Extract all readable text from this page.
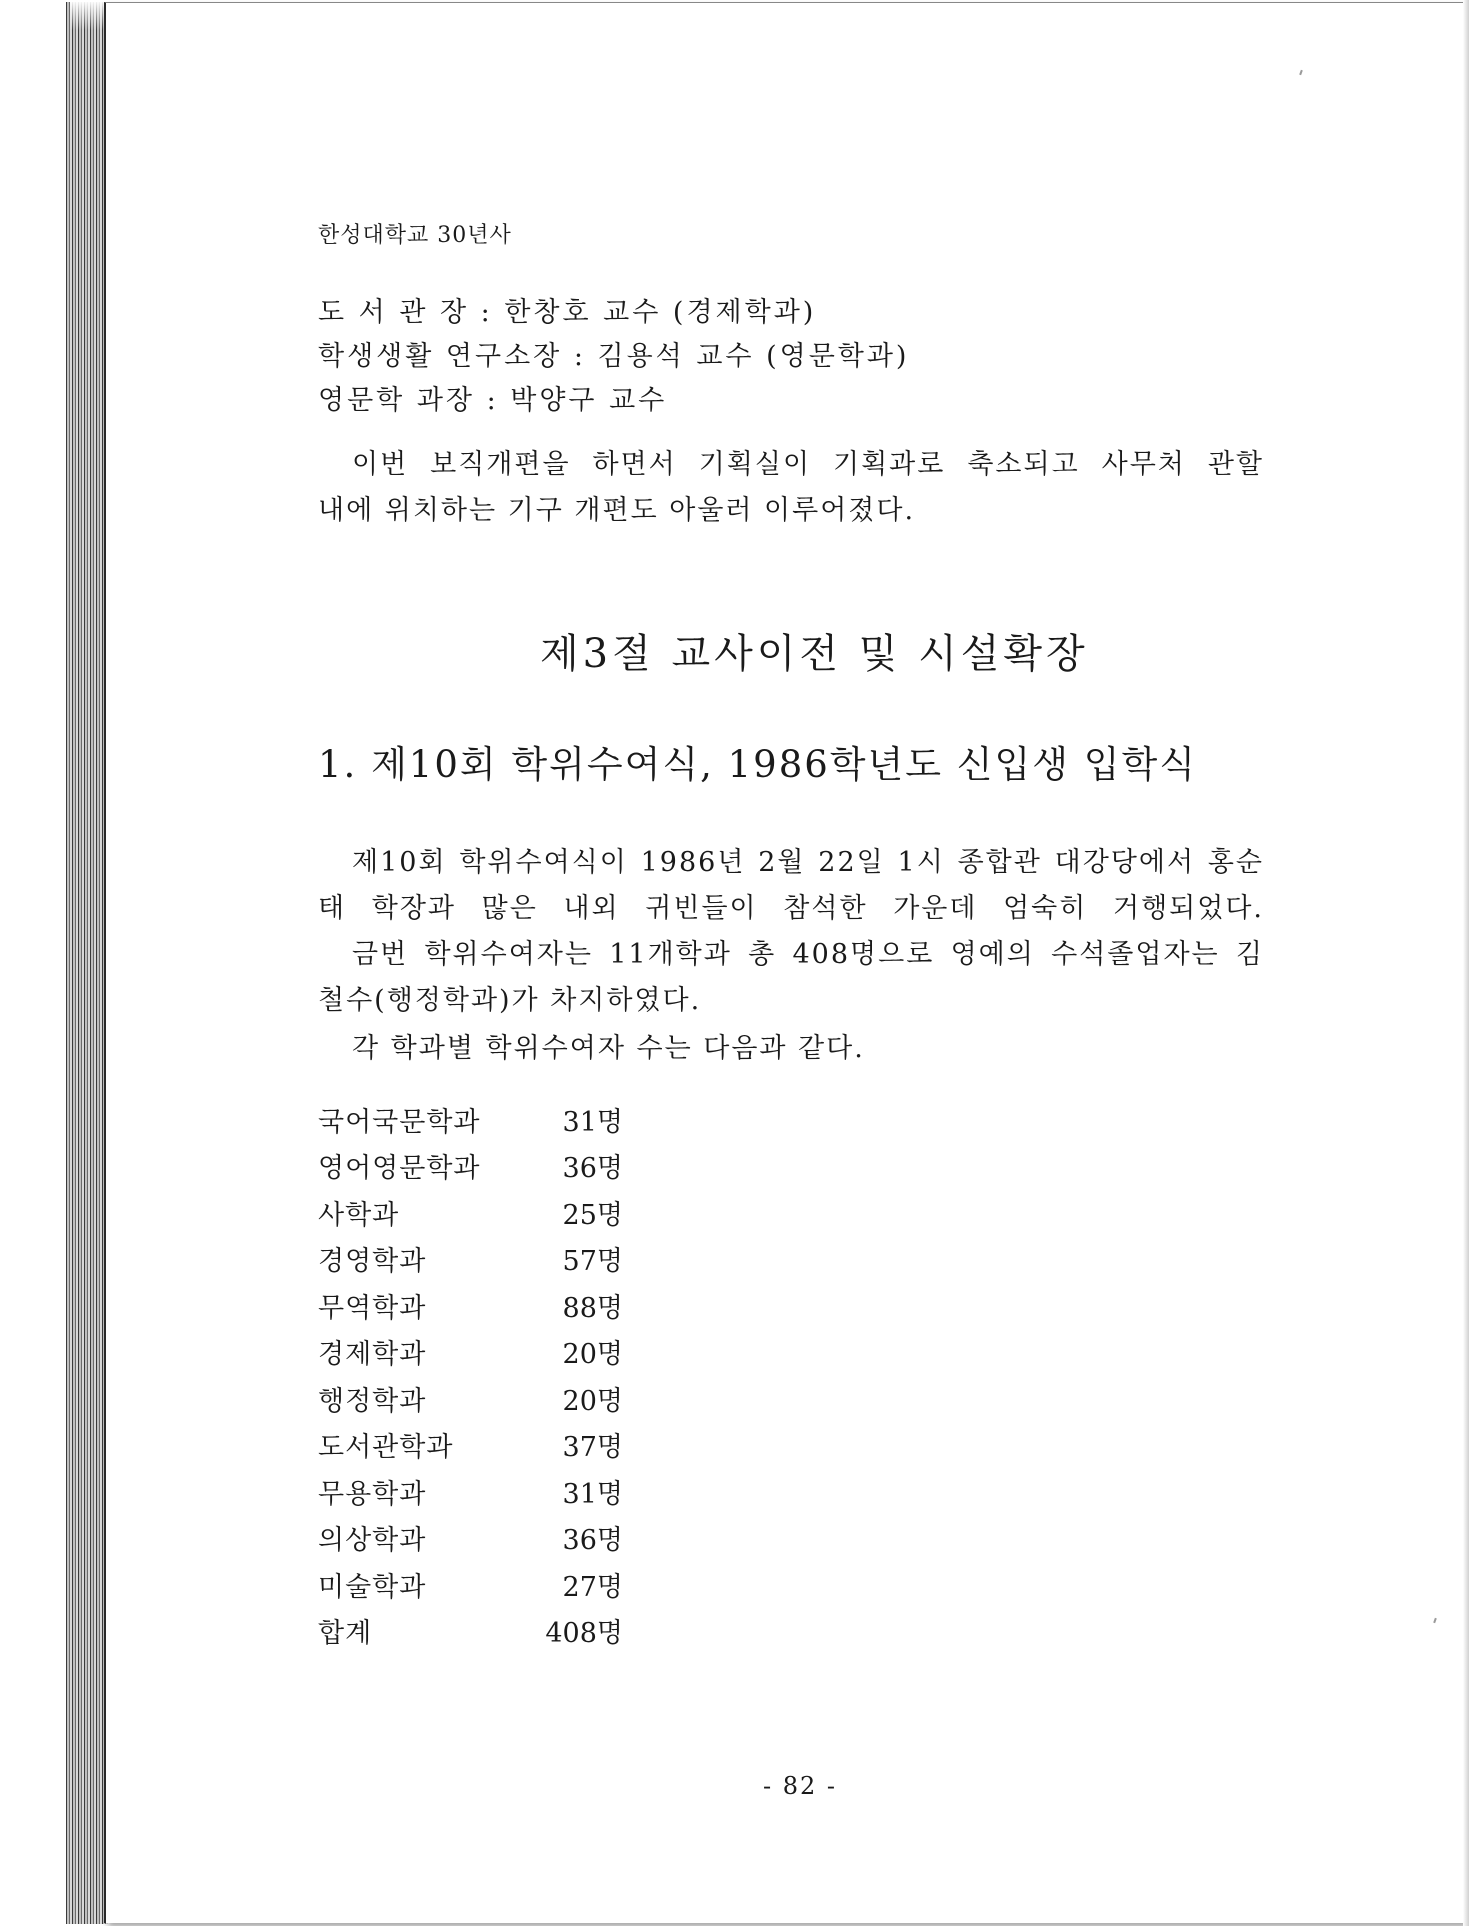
한성대학교 30년사
도 서 관 장 : 한창호 교수 (경제학과)
학생생활 연구소장 : 김용석 교수 (영문학과)
영문학 과장 : 박양구 교수
이번 보직개편을 하면서 기획실이 기획과로 축소되고 사무처 관할
내에 위치하는 기구 개편도 아울러 이루어졌다.
제3절 교사이전 및 시설확장
1. 제10회 학위수여식, 1986학년도 신입생 입학식
제10회 학위수여식이 1986년 2월 22일 1시 종합관 대강당에서 홍순
태 학장과 많은 내외 귀빈들이 참석한 가운데 엄숙히 거행되었다.
금번 학위수여자는 11개학과 총 408명으로 영예의 수석졸업자는 김
철수(행정학과)가 차지하였다.
각 학과별 학위수여자 수는 다음과 같다.
국어국문학과	31명
영어영문학과	36명
사학과	25명
경영학과	57명
무역학과	88명
경제학과	20명
행정학과	20명
도서관학과	37명
무용학과	31명
의상학과	36명
미술학과	27명
합계	408명
- 82 -
